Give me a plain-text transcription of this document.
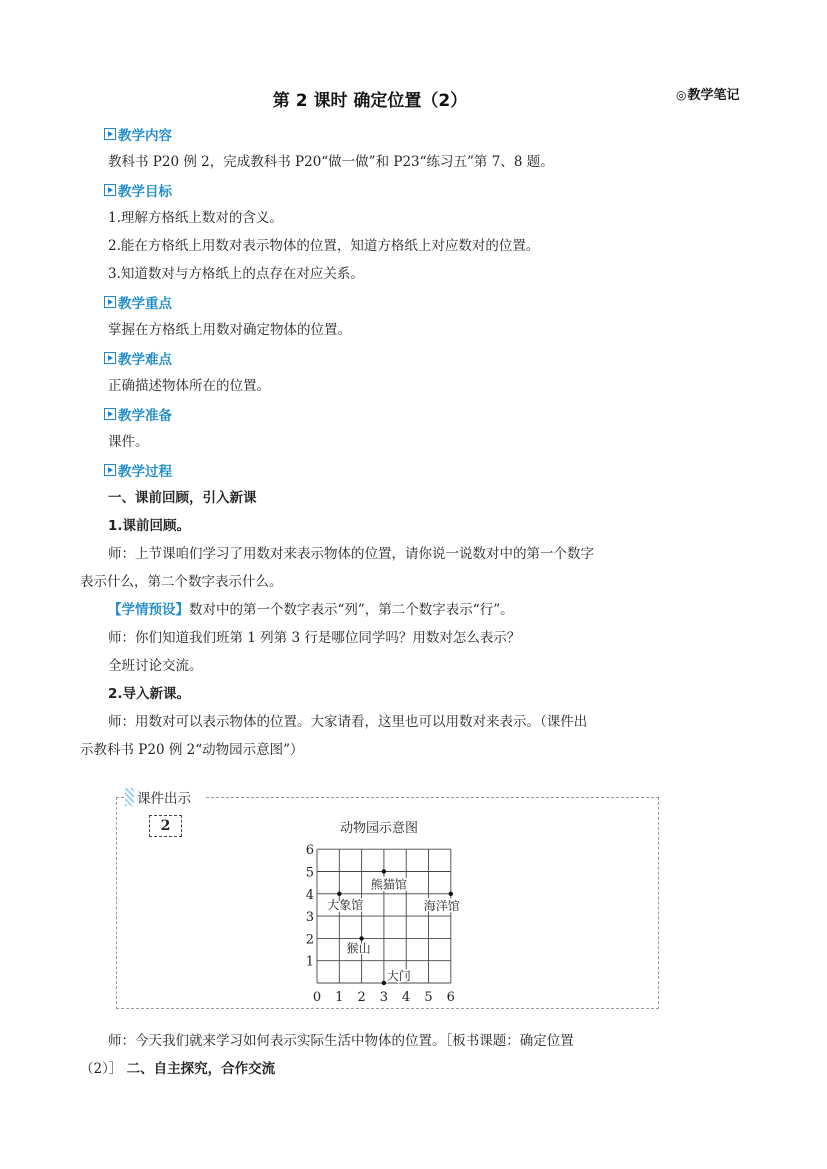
第 2 课时 确定位置（2）	◎教学笔记
教学内容
教科书 P20 例 2，完成教科书 P20“做一做”和 P23“练习五”第 7、8 题。
教学目标
1.理解方格纸上数对的含义。
2.能在方格纸上用数对表示物体的位置，知道方格纸上对应数对的位置。
3.知道数对与方格纸上的点存在对应关系。
教学重点
掌握在方格纸上用数对确定物体的位置。
教学难点
正确描述物体所在的位置。
教学准备
课件。
教学过程
一、课前回顾，引入新课
1.课前回顾。
师：上节课咱们学习了用数对来表示物体的位置，请你说一说数对中的第一个数字
表示什么，第二个数字表示什么。
【学情预设】数对中的第一个数字表示“列”，第二个数字表示“行”。
师：你们知道我们班第 1 列第 3 行是哪位同学吗？用数对怎么表示？
全班讨论交流。
2.导入新课。
师：用数对可以表示物体的位置。大家请看，这里也可以用数对来表示。（课件出
示教科书 P20 例 2“动物园示意图”）
课件出示
2	动物园示意图
1
2
3
4
5
6
0 1 2 3 4 5 6
熊猫馆
大象馆	海洋馆
猴山
大门
师：今天我们就来学习如何表示实际生活中物体的位置。［板书课题：确定位置
（2）］ 二、自主探究，合作交流
